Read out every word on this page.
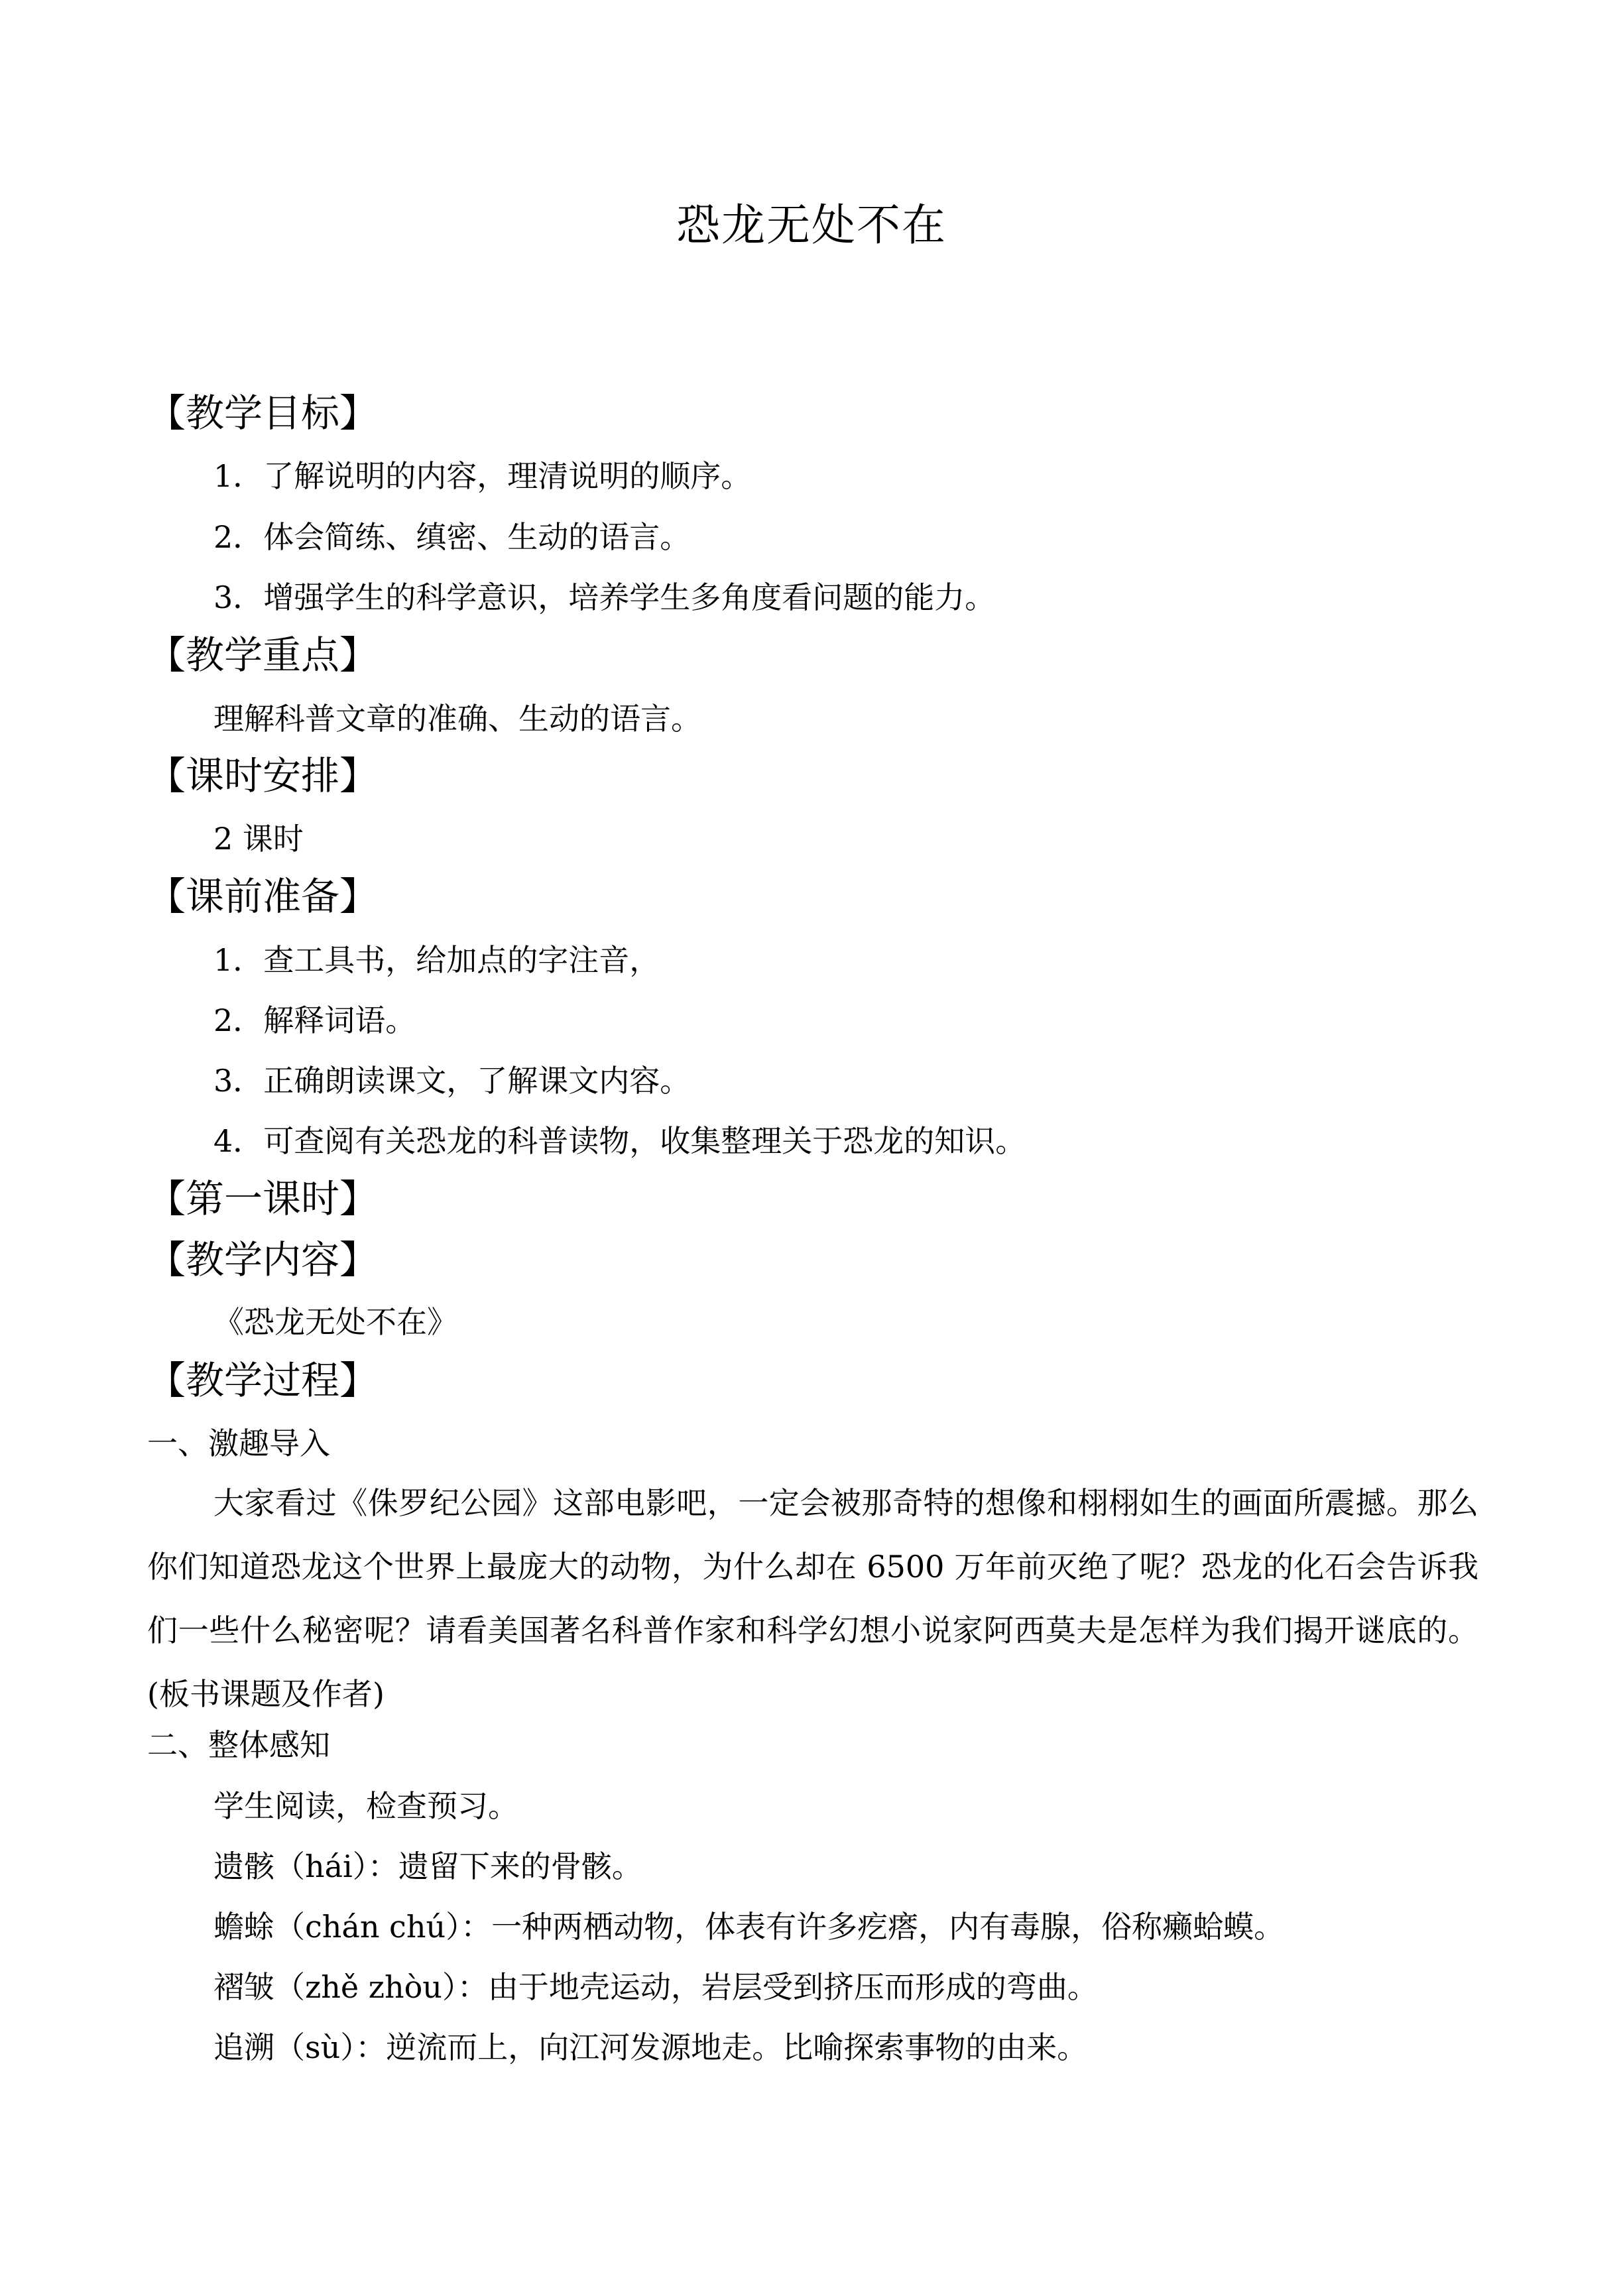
恐龙无处不在
【教学目标】
1．了解说明的内容，理清说明的顺序。
2．体会简练、缜密、生动的语言。
3．增强学生的科学意识，培养学生多角度看问题的能力。
【教学重点】
理解科普文章的准确、生动的语言。
【课时安排】
2 课时
【课前准备】
1．查工具书，给加点的字注音，
2．解释词语。
3．正确朗读课文，了解课文内容。
4．可查阅有关恐龙的科普读物，收集整理关于恐龙的知识。
【第一课时】
【教学内容】
《恐龙无处不在》
【教学过程】
一、激趣导入
大家看过《侏罗纪公园》这部电影吧，一定会被那奇特的想像和栩栩如生的画面所震撼。那么你们知道恐龙这个世界上最庞大的动物，为什么却在 6500 万年前灭绝了呢？恐龙的化石会告诉我们一些什么秘密呢？请看美国著名科普作家和科学幻想小说家阿西莫夫是怎样为我们揭开谜底的。(板书课题及作者)
二、整体感知
学生阅读，检查预习。
遗骸（hái）：遗留下来的骨骸。
蟾蜍（chán chú）：一种两栖动物，体表有许多疙瘩，内有毒腺，俗称癞蛤蟆。
褶皱（zhě zhòu）：由于地壳运动，岩层受到挤压而形成的弯曲。
追溯（sù）：逆流而上，向江河发源地走。比喻探索事物的由来。
